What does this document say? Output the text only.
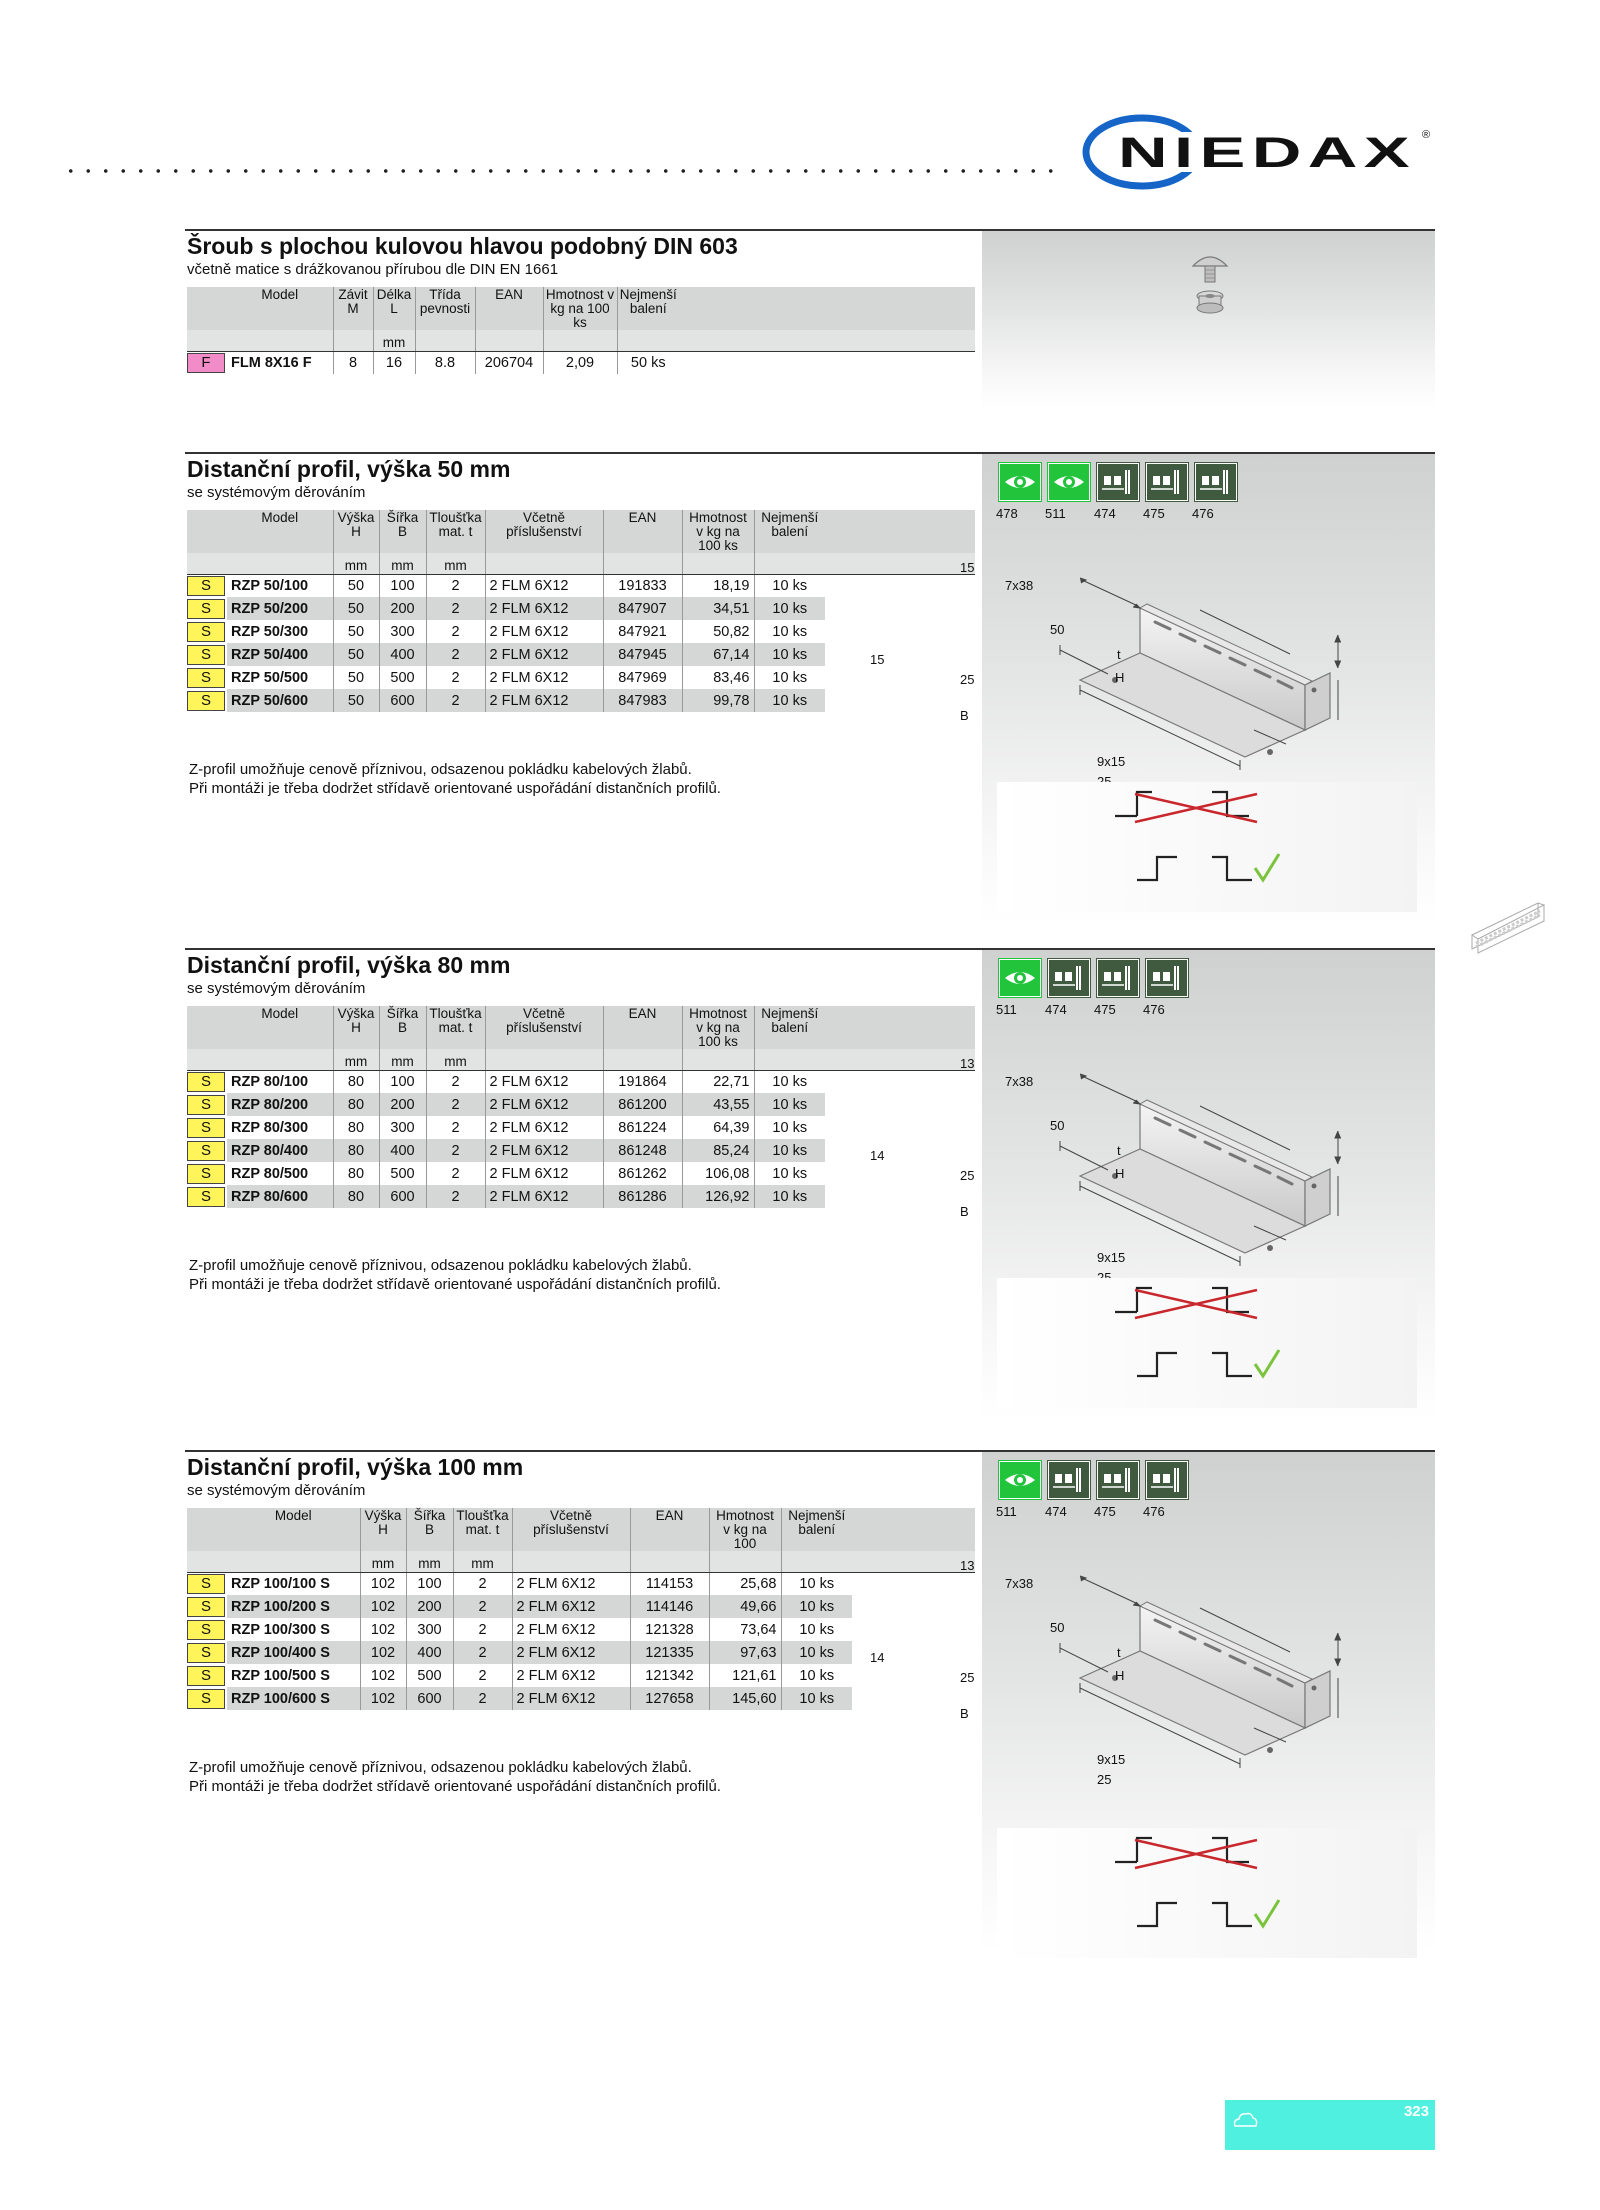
NIEDAX ®
Šroub s plochou kulovou hlavou podobný DIN 603
včetně matice s drážkovanou přírubou dle DIN EN 1661
	Model	Závit M	Délka L	Třída pevnosti	EAN	Hmotnost v kg na 100 ks	Nejmenší balení	
			mm					

F	FLM 8X16 F	8	16	8.8	206704	2,09	50 ks	
Distanční profil, výška 50 mm
se systémovým děrováním
	Model	Výška H	Šířka B	Tloušťka mat. t	Včetně příslušenství	EAN	Hmotnost v kg na 100 ks	Nejmenší balení	
		mm	mm	mm					

S	RZP 50/100	50	100	2	2 FLM 6X12	191833	18,19	10 ks	

S	RZP 50/200	50	200	2	2 FLM 6X12	847907	34,51	10 ks	

S	RZP 50/300	50	300	2	2 FLM 6X12	847921	50,82	10 ks	

S	RZP 50/400	50	400	2	2 FLM 6X12	847945	67,14	10 ks	

S	RZP 50/500	50	500	2	2 FLM 6X12	847969	83,46	10 ks	

S	RZP 50/600	50	600	2	2 FLM 6X12	847983	99,78	10 ks	
Z-profil umožňuje cenově příznivou, odsazenou pokládku kabelových žlabů.
Při montáži je třeba dodržet střídavě orientované uspořádání distančních profilů.
478	511	474	475	476
15
7x38
50
15
25
t
H
B
9x15
25
Distanční profil, výška 80 mm
se systémovým děrováním
	Model	Výška H	Šířka B	Tloušťka mat. t	Včetně příslušenství	EAN	Hmotnost v kg na 100 ks	Nejmenší balení	
		mm	mm	mm					

S	RZP 80/100	80	100	2	2 FLM 6X12	191864	22,71	10 ks	

S	RZP 80/200	80	200	2	2 FLM 6X12	861200	43,55	10 ks	

S	RZP 80/300	80	300	2	2 FLM 6X12	861224	64,39	10 ks	

S	RZP 80/400	80	400	2	2 FLM 6X12	861248	85,24	10 ks	

S	RZP 80/500	80	500	2	2 FLM 6X12	861262	106,08	10 ks	

S	RZP 80/600	80	600	2	2 FLM 6X12	861286	126,92	10 ks	
Z-profil umožňuje cenově příznivou, odsazenou pokládku kabelových žlabů.
Při montáži je třeba dodržet střídavě orientované uspořádání distančních profilů.
511	474	475	476
13
7x38
50
14
25
t
H
B
9x15
25
Distanční profil, výška 100 mm
se systémovým děrováním
	Model	Výška H	Šířka B	Tloušťka mat. t	Včetně příslušenství	EAN	Hmotnost v kg na 100	Nejmenší balení	
		mm	mm	mm					

S	RZP 100/100 S	102	100	2	2 FLM 6X12	114153	25,68	10 ks	

S	RZP 100/200 S	102	200	2	2 FLM 6X12	114146	49,66	10 ks	

S	RZP 100/300 S	102	300	2	2 FLM 6X12	121328	73,64	10 ks	

S	RZP 100/400 S	102	400	2	2 FLM 6X12	121335	97,63	10 ks	

S	RZP 100/500 S	102	500	2	2 FLM 6X12	121342	121,61	10 ks	

S	RZP 100/600 S	102	600	2	2 FLM 6X12	127658	145,60	10 ks	
Z-profil umožňuje cenově příznivou, odsazenou pokládku kabelových žlabů.
Při montáži je třeba dodržet střídavě orientované uspořádání distančních profilů.
511	474	475	476
13
7x38
50
14
25
t
H
B
9x15
25
323
